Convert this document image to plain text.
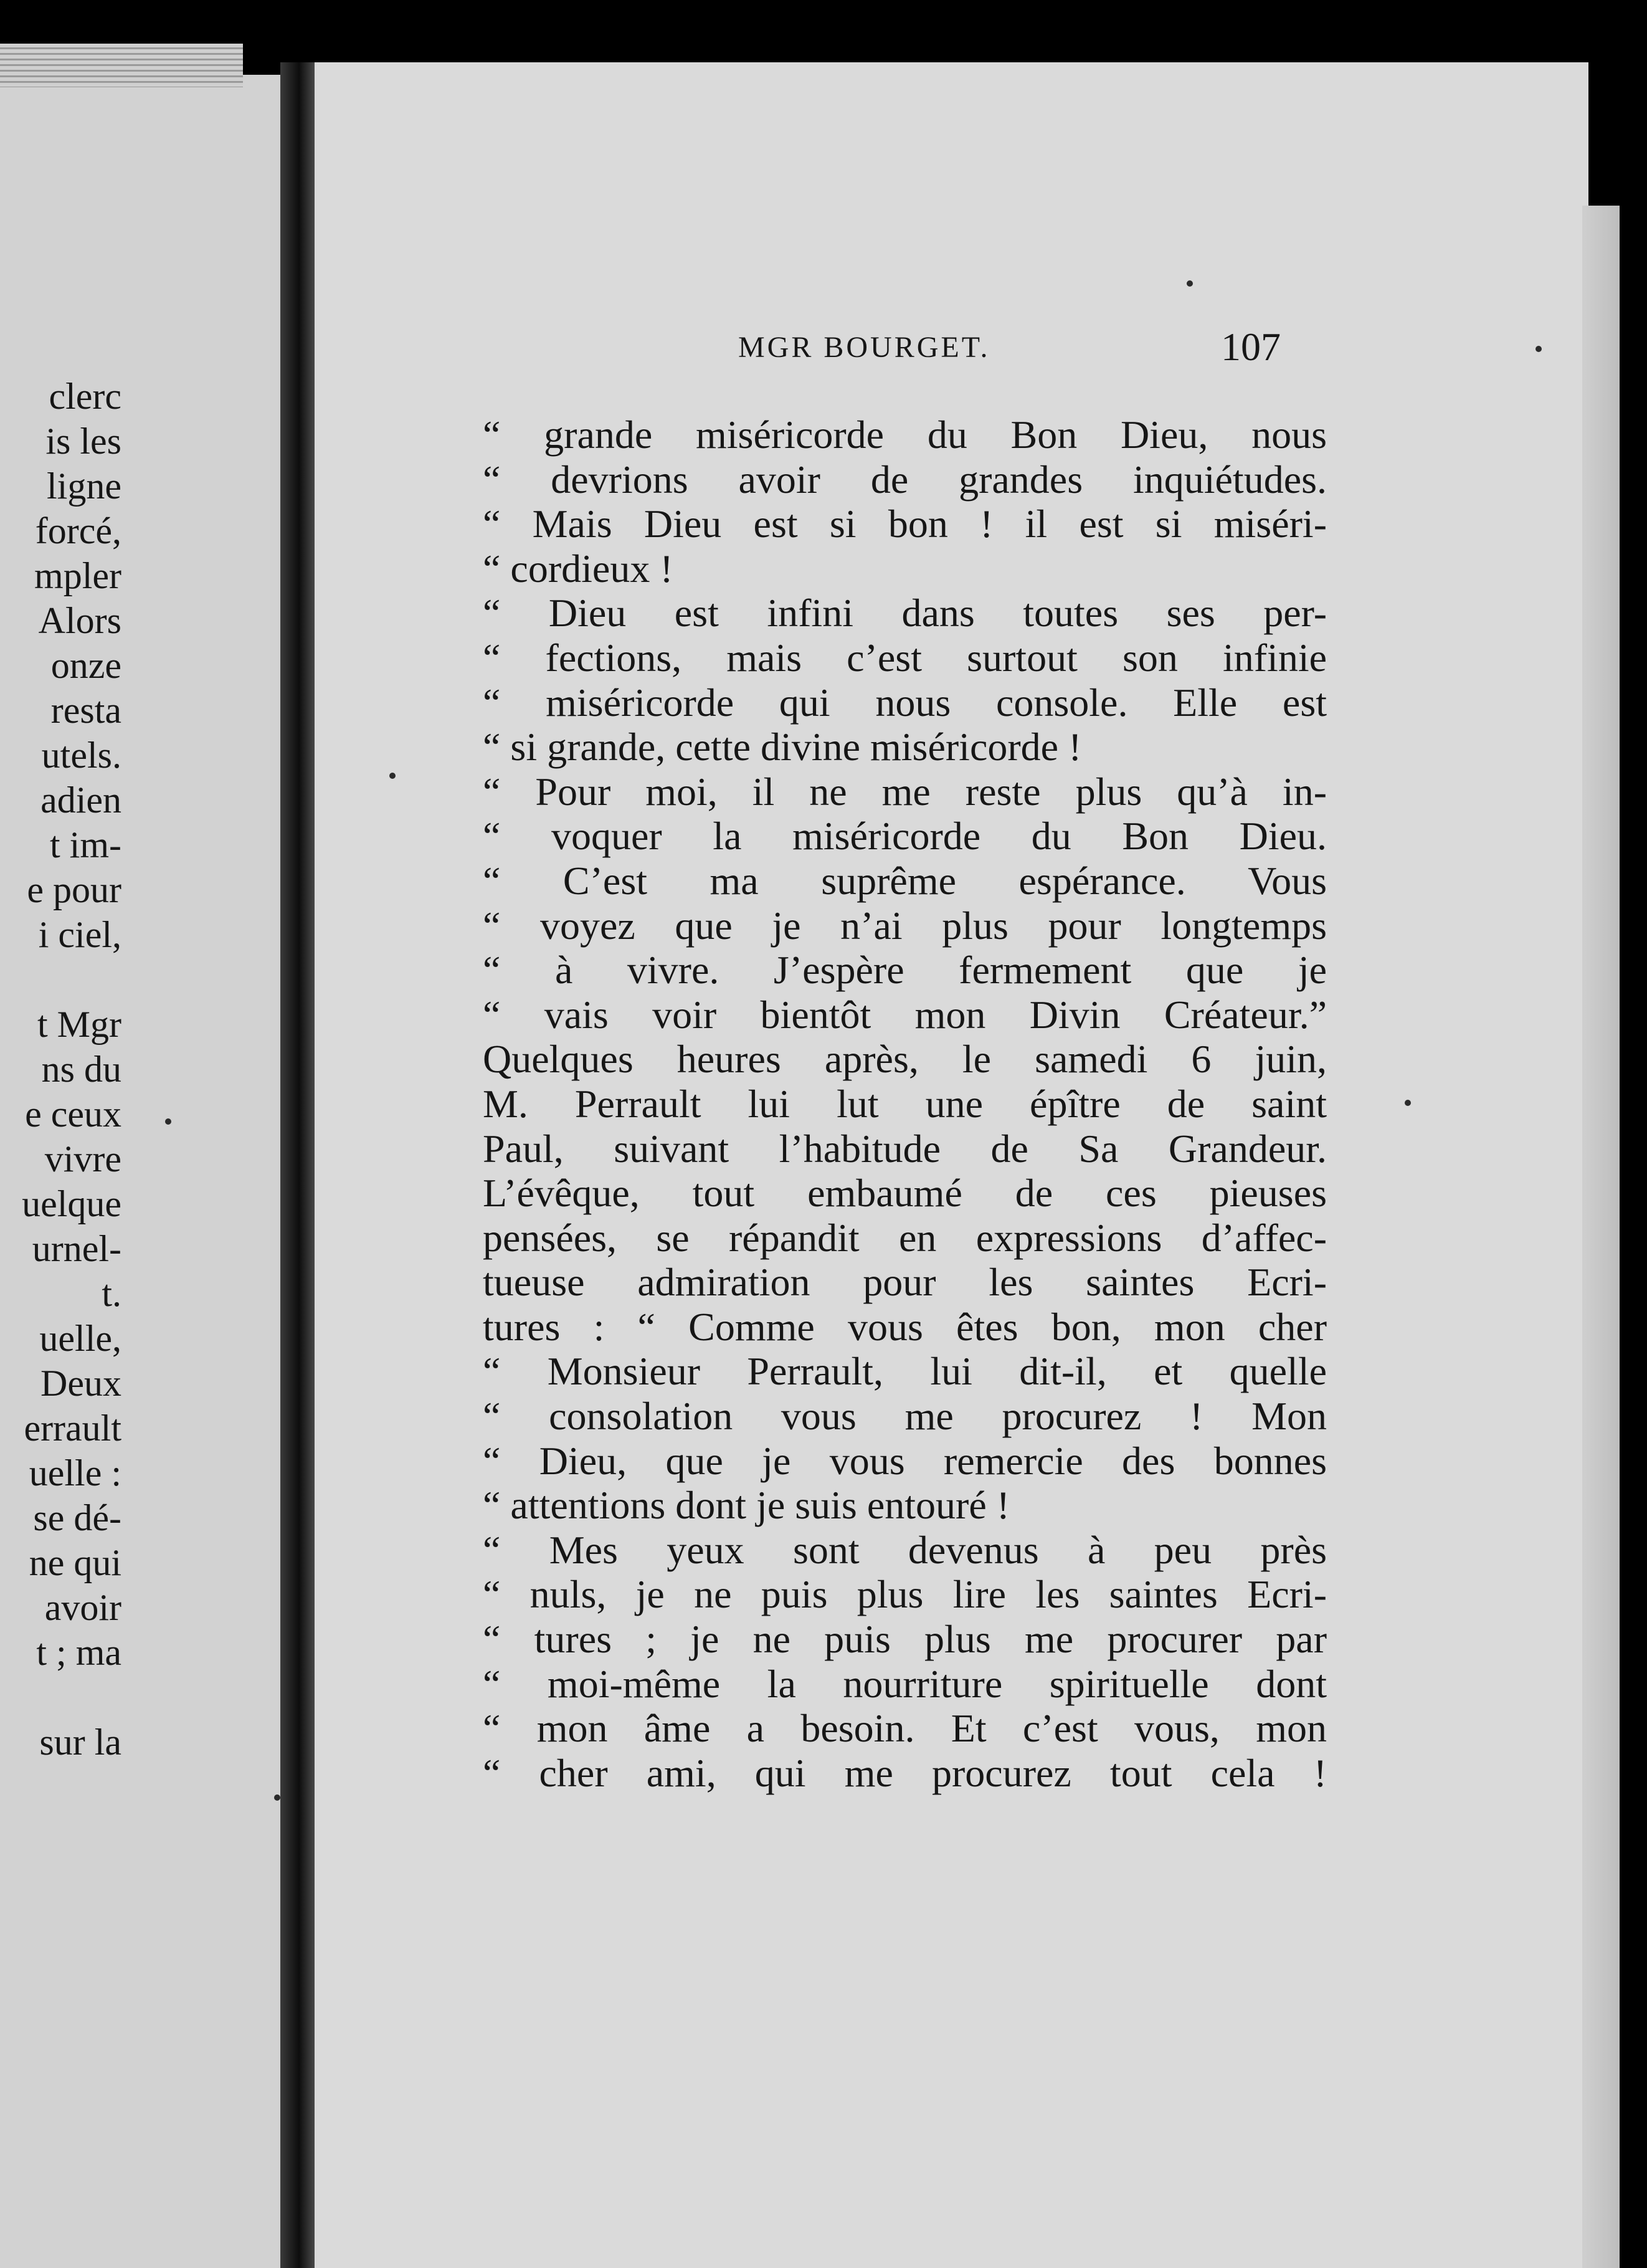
clerc
is les
ligne
forcé,
mpler
Alors
onze
resta
utels.
adien
t im-
e pour
i ciel,
t Mgr
ns du
e ceux
vivre
uelque
urnel-
t.
uelle,
Deux
errault
uelle :
se dé-
ne qui
avoir
t ; ma
sur la
MGR BOURGET.	107
“ grande miséricorde du Bon Dieu, nous
“ devrions avoir de grandes inquiétudes.
“ Mais Dieu est si bon ! il est si miséri-
“ cordieux !
“ Dieu est infini dans toutes ses per-
“ fections, mais c’est surtout son infinie
“ miséricorde qui nous console. Elle est
“ si grande, cette divine miséricorde !
“ Pour moi, il ne me reste plus qu’à in-
“ voquer la miséricorde du Bon Dieu.
“ C’est ma suprême espérance. Vous
“ voyez que je n’ai plus pour longtemps
“ à vivre. J’espère fermement que je
“ vais voir bientôt mon Divin Créateur.”
Quelques heures après, le samedi 6 juin,
M. Perrault lui lut une épître de saint
Paul, suivant l’habitude de Sa Grandeur.
L’évêque, tout embaumé de ces pieuses
pensées, se répandit en expressions d’affec-
tueuse admiration pour les saintes Ecri-
tures : “ Comme vous êtes bon, mon cher
“ Monsieur Perrault, lui dit-il, et quelle
“ consolation vous me procurez ! Mon
“ Dieu, que je vous remercie des bonnes
“ attentions dont je suis entouré !
“ Mes yeux sont devenus à peu près
“ nuls, je ne puis plus lire les saintes Ecri-
“ tures ; je ne puis plus me procurer par
“ moi-même la nourriture spirituelle dont
“ mon âme a besoin. Et c’est vous, mon
“ cher ami, qui me procurez tout cela !
